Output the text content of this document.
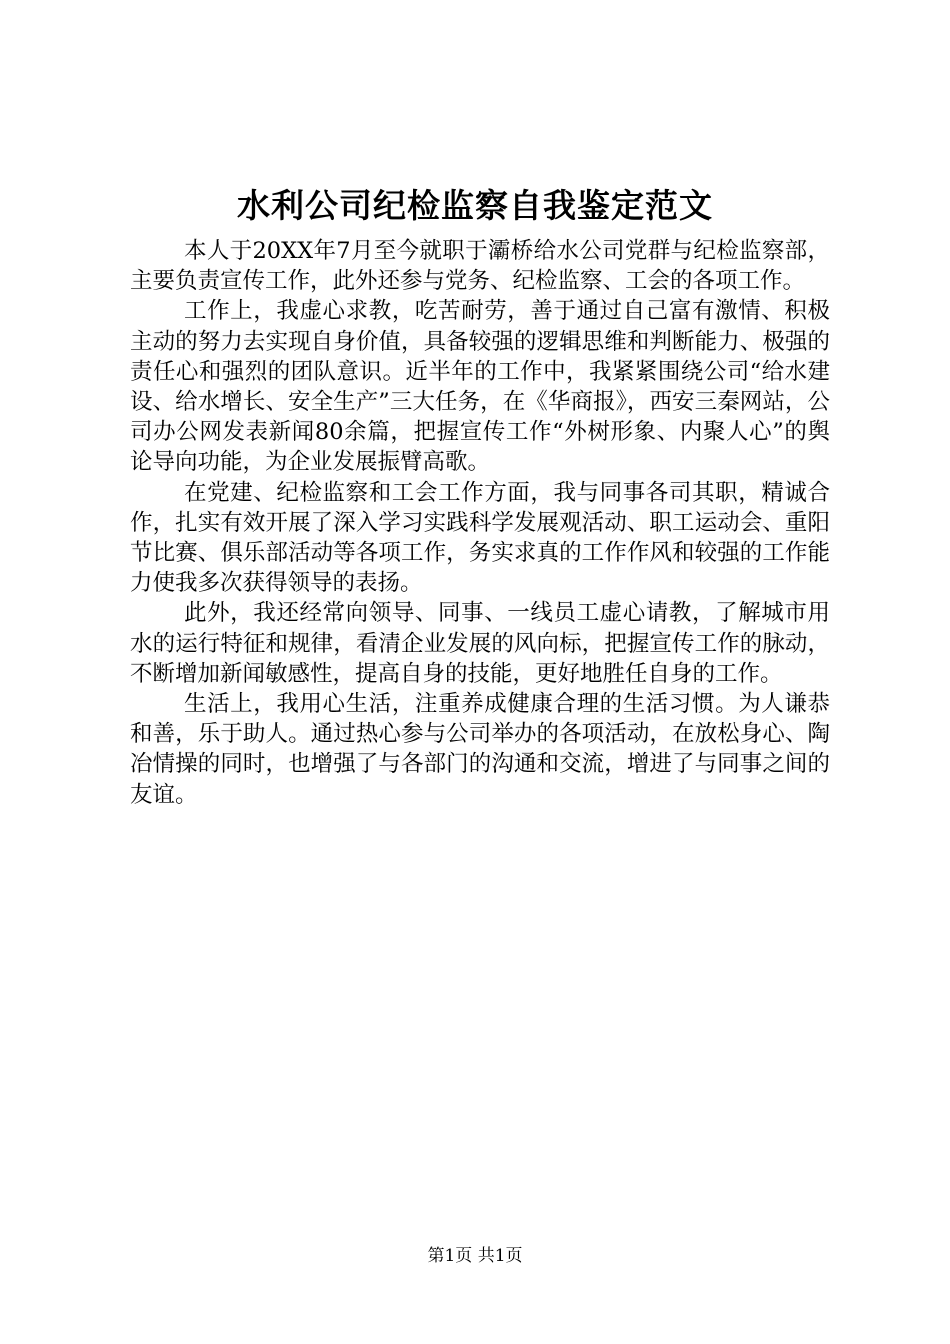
水利公司纪检监察自我鉴定范文

本人于20XX年7月至今就职于灞桥给水公司党群与纪检监察部，主要负责宣传工作，此外还参与党务、纪检监察、工会的各项工作。

工作上，我虚心求教，吃苦耐劳，善于通过自己富有激情、积极主动的努力去实现自身价值，具备较强的逻辑思维和判断能力、极强的责任心和强烈的团队意识。近半年的工作中，我紧紧围绕公司“给水建设、给水增长、安全生产”三大任务，在《华商报》，西安三秦网站，公司办公网发表新闻80余篇，把握宣传工作“外树形象、内聚人心”的舆论导向功能，为企业发展振臂高歌。

在党建、纪检监察和工会工作方面，我与同事各司其职，精诚合作，扎实有效开展了深入学习实践科学发展观活动、职工运动会、重阳节比赛、俱乐部活动等各项工作，务实求真的工作作风和较强的工作能力使我多次获得领导的表扬。

此外，我还经常向领导、同事、一线员工虚心请教，了解城市用水的运行特征和规律，看清企业发展的风向标，把握宣传工作的脉动，不断增加新闻敏感性，提高自身的技能，更好地胜任自身的工作。

生活上，我用心生活，注重养成健康合理的生活习惯。为人谦恭和善，乐于助人。通过热心参与公司举办的各项活动，在放松身心、陶冶情操的同时，也增强了与各部门的沟通和交流，增进了与同事之间的友谊。

第1页 共1页
